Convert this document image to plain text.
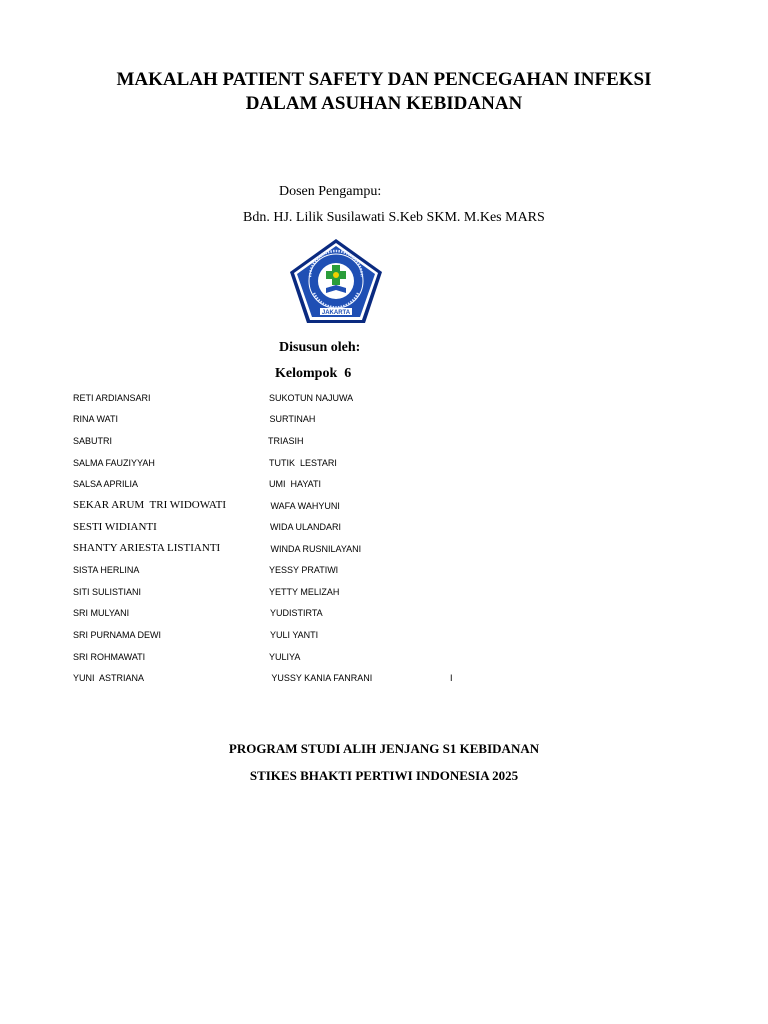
MAKALAH PATIENT SAFETY DAN PENCEGAHAN INFEKSI
DALAM ASUHAN KEBIDANAN
Dosen Pengampu:
Bdn. HJ. Lilik Susilawati S.Keb SKM. M.Kes MARS
JAKARTA
Disusun oleh:
Kelompok  6
RETI ARDIANSARI
RINA WATI
SABUTRI
SALMA FAUZIYYAH
SALSA APRILIA
SEKAR ARUM  TRI WIDOWATI
SESTI WIDIANTI
SHANTY ARIESTA LISTIANTI
SISTA HERLINA
SITI SULISTIANI
SRI MULYANI
SRI PURNAMA DEWI
SRI ROHMAWATI
YUNI  ASTRIANA
SUKOTUN NAJUWA
SURTINAH
TRIASIH
TUTIK  LESTARI
UMI  HAYATI
WAFA WAHYUNI
WIDA ULANDARI
WINDA RUSNILAYANI
YESSY PRATIWI
YETTY MELIZAH
YUDISTIRTA
YULI YANTI
YULIYA
YUSSY KANIA FANRANI	I
PROGRAM STUDI ALIH JENJANG S1 KEBIDANAN
STIKES BHAKTI PERTIWI INDONESIA 2025
